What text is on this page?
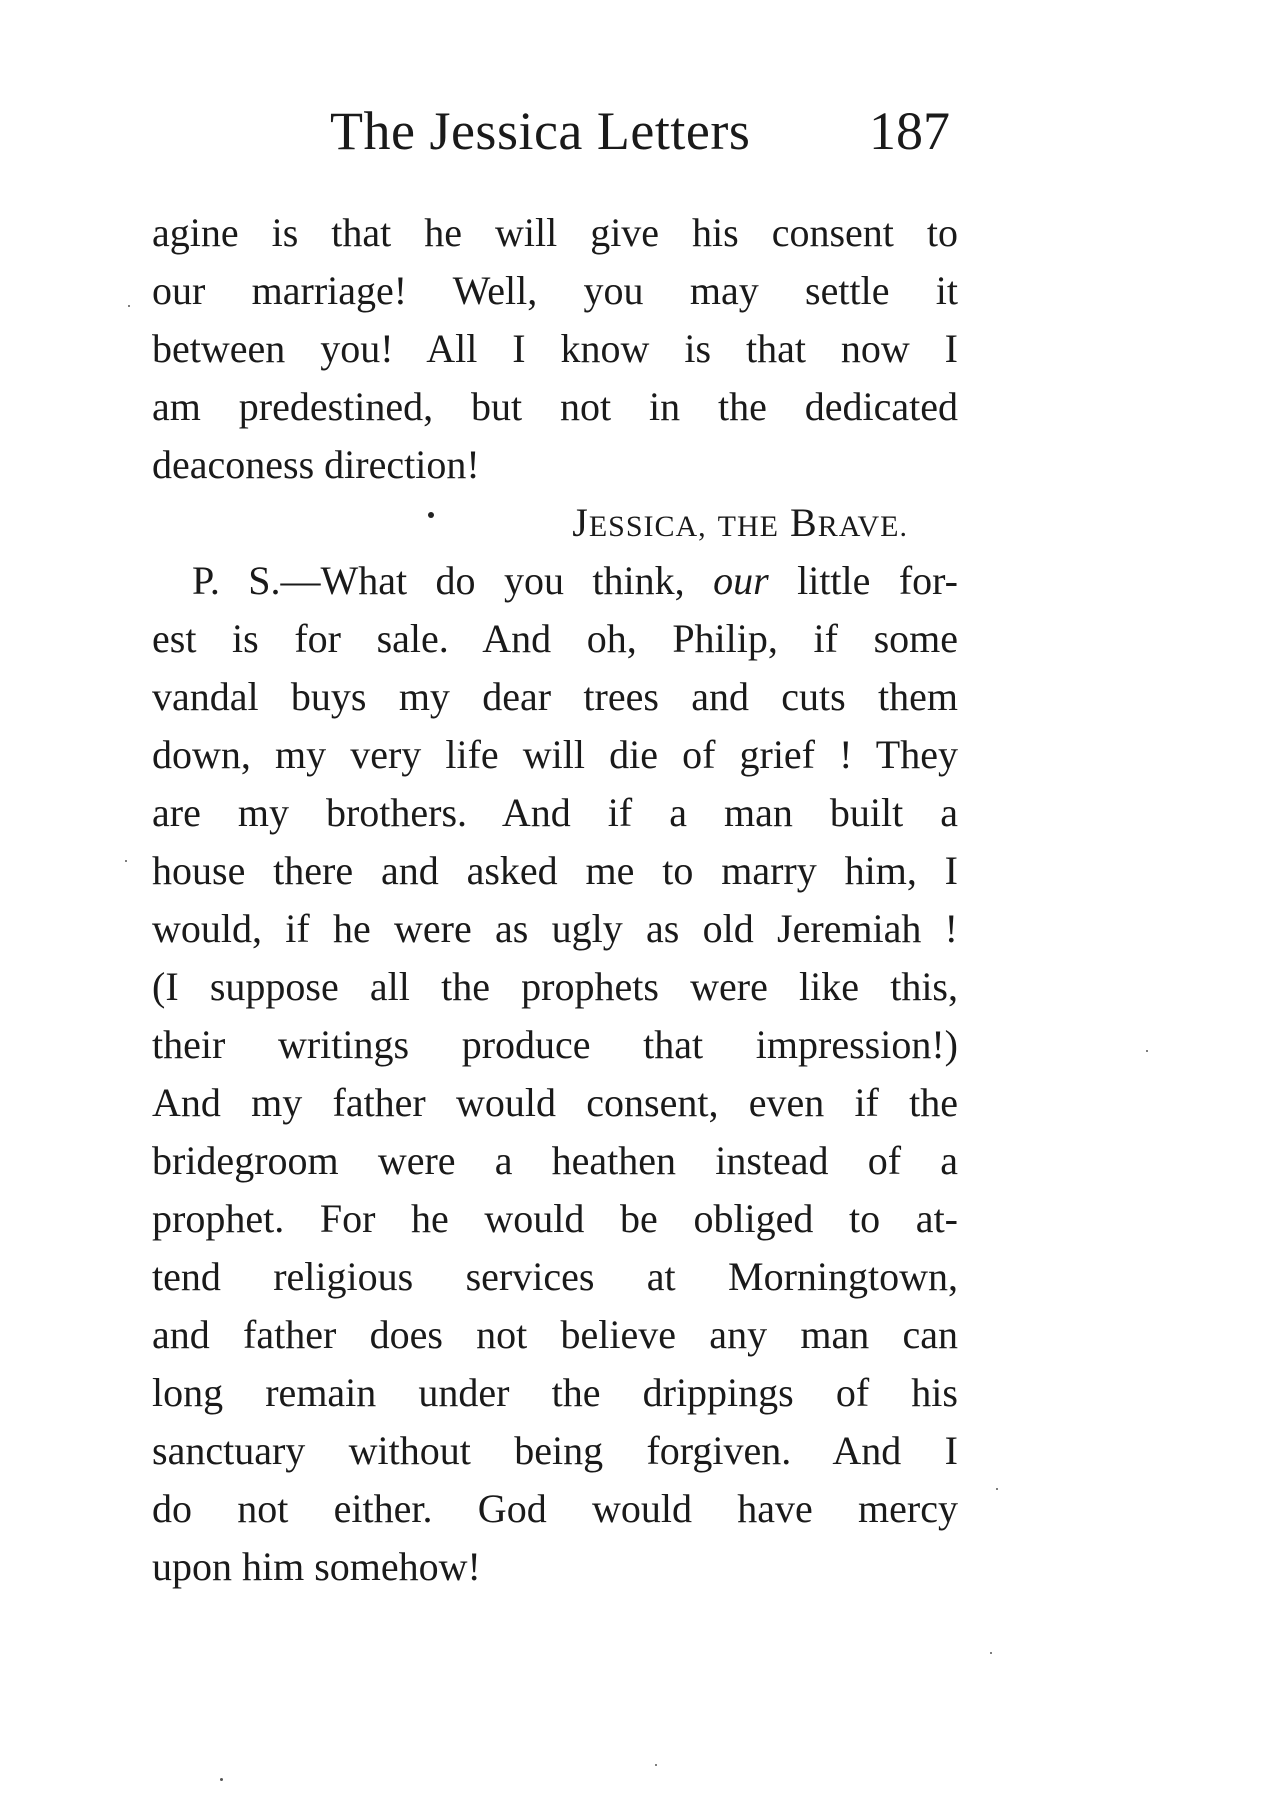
The Jessica Letters 187
agine is that he will give his consent to
our marriage! Well, you may settle it
between you! All I know is that now I
am predestined, but not in the dedicated
deaconess direction!
JESSICA, THE BRAVE.
P. S.—What do you think, our little for-
est is for sale. And oh, Philip, if some
vandal buys my dear trees and cuts them
down, my very life will die of grief ! They
are my brothers. And if a man built a
house there and asked me to marry him, I
would, if he were as ugly as old Jeremiah !
(I suppose all the prophets were like this,
their writings produce that impression!)
And my father would consent, even if the
bridegroom were a heathen instead of a
prophet. For he would be obliged to at-
tend religious services at Morningtown,
and father does not believe any man can
long remain under the drippings of his
sanctuary without being forgiven. And I
do not either. God would have mercy
upon him somehow!
